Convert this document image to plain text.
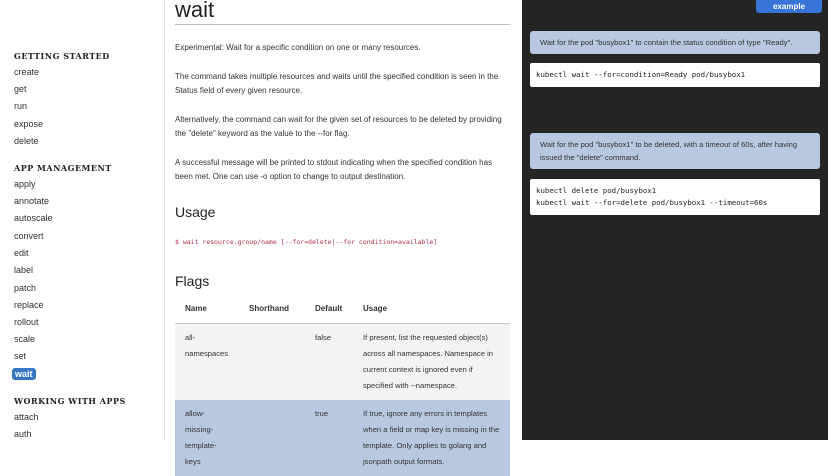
GETTING STARTED
create
get
run
expose
delete
APP MANAGEMENT
apply
annotate
autoscale
convert
edit
label
patch
replace
rollout
scale
set
wait
WORKING WITH APPS
attach
auth
wait
Experimental: Wait for a specific condition on one or many resources.
The command takes multiple resources and waits until the specified condition is seen in the Status field of every given resource.
Alternatively, the command can wait for the given set of resources to be deleted by providing the "delete" keyword as the value to the --for flag.
A successful message will be printed to stdout indicating when the specified condition has been met. One can use -o option to change to output destination.
Usage
$ wait resource.group/name [--for=delete|--for condition=available]
Flags
Name	Shorthand	Default	Usage
all-namespaces		false	If present, list the requested object(s) across all namespaces. Namespace in current context is ignored even if specified with --namespace.
allow-missing-template-keys		true	If true, ignore any errors in templates when a field or map key is missing in the template. Only applies to golang and jsonpath output formats.
example
Wait for the pod "busybox1" to contain the status condition of type "Ready".
kubectl wait --for=condition=Ready pod/busybox1
Wait for the pod "busybox1" to be deleted, with a timeout of 60s, after having issued the "delete" command.
kubectl delete pod/busybox1
kubectl wait --for=delete pod/busybox1 --timeout=60s
